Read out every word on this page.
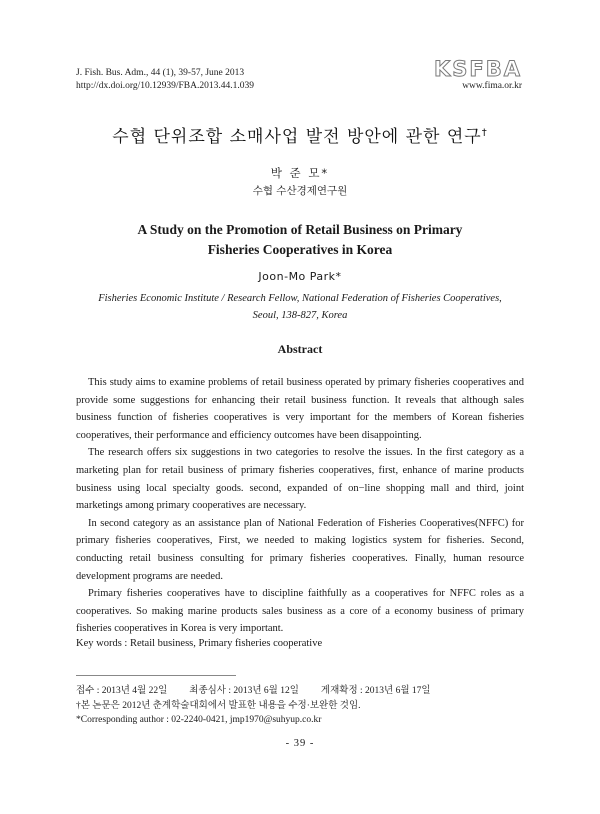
J. Fish. Bus. Adm., 44 (1), 39-57, June 2013
http://dx.doi.org/10.12939/FBA.2013.44.1.039
KSFBA
www.fima.or.kr
수협 단위조합 소매사업 발전 방안에 관한 연구†
박 준 모*
수협 수산경제연구원
A Study on the Promotion of Retail Business on Primary
Fisheries Cooperatives in Korea
Joon-Mo Park*
Fisheries Economic Institute / Research Fellow, National Federation of Fisheries Cooperatives,
Seoul, 138-827, Korea
Abstract

This study aims to examine problems of retail business operated by primary fisheries cooperatives and provide some suggestions for enhancing their retail business function. It reveals that although sales business function of fisheries cooperatives is very important for the members of Korean fisheries cooperatives, their performance and efficiency outcomes have been disappointing.

The research offers six suggestions in two categories to resolve the issues. In the first category as a marketing plan for retail business of primary fisheries cooperatives, first, enhance of marine products business using local specialty goods. second, expanded of on−line shopping mall and third, joint marketings among primary cooperatives are necessary.

In second category as an assistance plan of National Federation of Fisheries Cooperatives(NFFC) for primary fisheries cooperatives, First, we needed to making logistics system for fisheries. Second, conducting retail business consulting for primary fisheries cooperatives. Finally, human resource development programs are needed.

Primary fisheries cooperatives have to discipline faithfully as a cooperatives for NFFC roles as a cooperatives. So making marine products sales business as a core of a economy business of primary fisheries cooperatives in Korea is very important.

Key words : Retail business, Primary fisheries cooperative
접수 : 2013년 4월 22일 최종심사 : 2013년 6월 12일 게재확정 : 2013년 6월 17일
†본 논문은 2012년 춘계학술대회에서 발표한 내용을 수정·보완한 것임.
*Corresponding author : 02-2240-0421, jmp1970@suhyup.co.kr
- 39 -
